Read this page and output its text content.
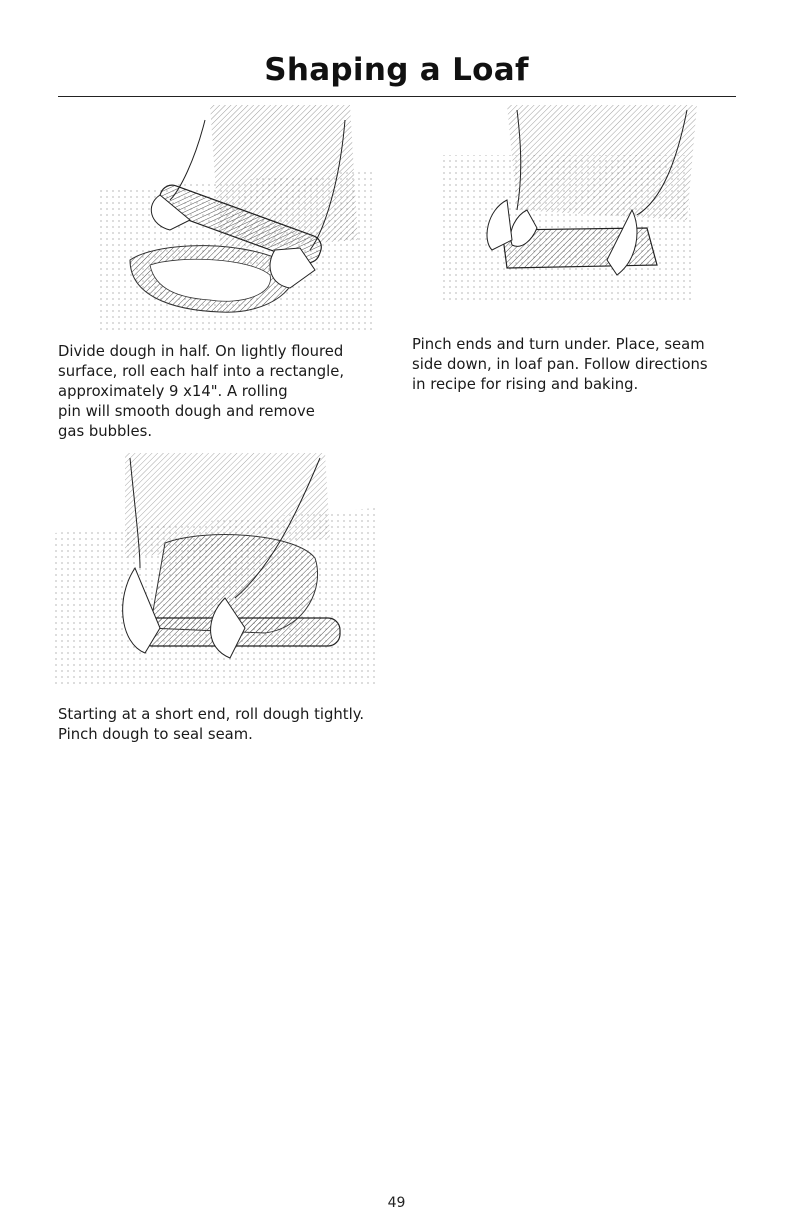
Shaping a Loaf
Divide dough in half. On lightly floured
surface, roll each half into a rectangle,
approximately 9 x14". A rolling
pin will smooth dough and remove
gas bubbles.
Pinch ends and turn under. Place, seam
side down, in loaf pan. Follow directions
in recipe for rising and baking.
Starting at a short end, roll dough tightly.
Pinch dough to seal seam.
49
